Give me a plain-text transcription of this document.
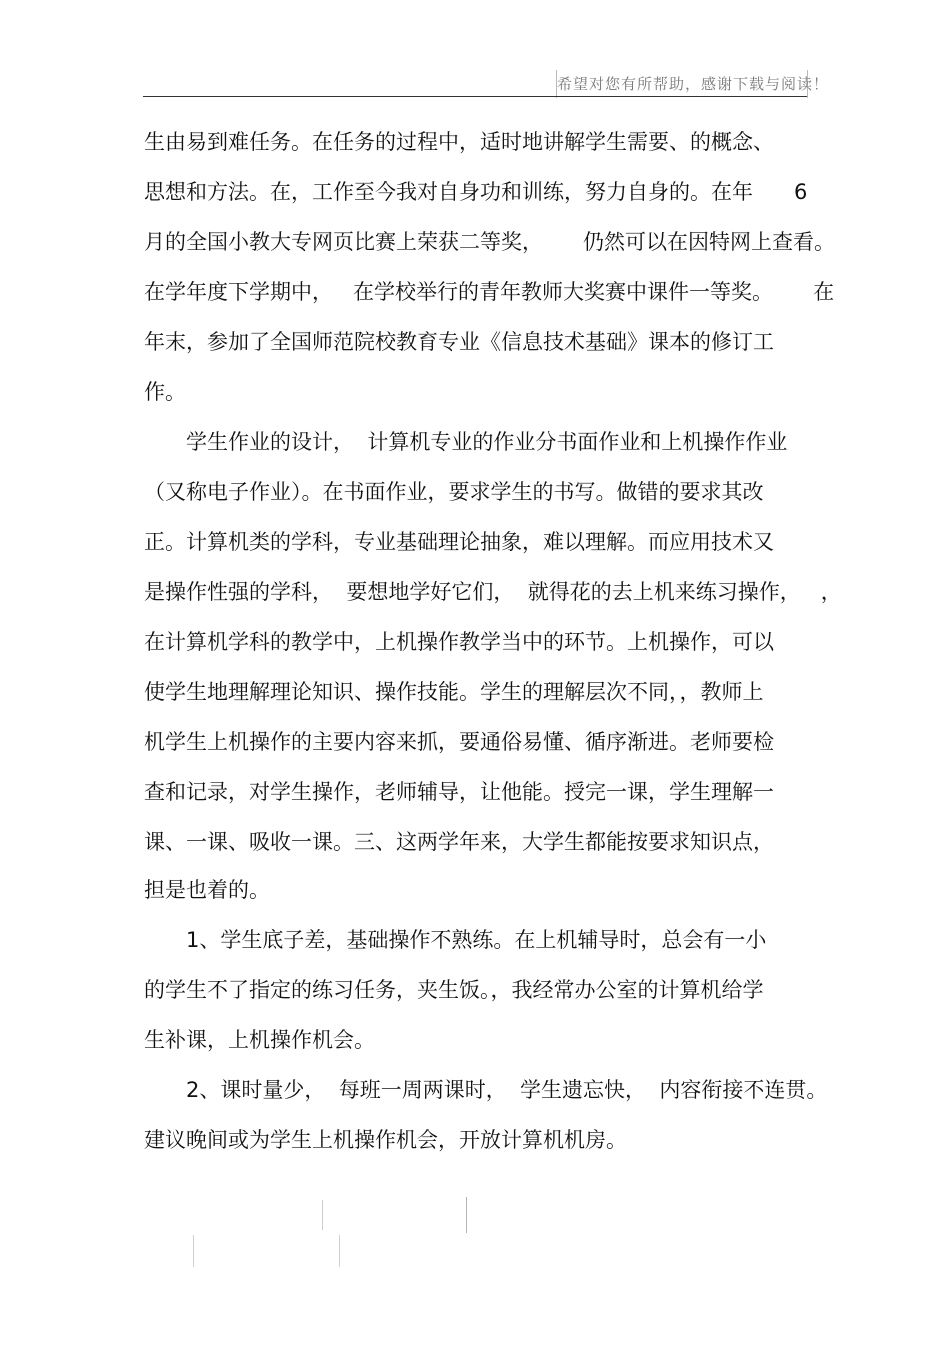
希望对您有所帮助，感谢下载与阅读！
生由易到难任务。在任务的过程中，适时地讲解学生需要、的概念、
思想和方法。在，工作至今我对自身功和训练，努力自身的。在年 6
月的全国小教大专网页比赛上荣获二等奖，      仍然可以在因特网上查看。
在学年度下学期中，   在学校举行的青年教师大奖赛中课件一等奖。      在
年末，参加了全国师范院校教育专业《信息技术基础》课本的修订工
作。
学生作业的设计，  计算机专业的作业分书面作业和上机操作作业
（又称电子作业）。在书面作业，要求学生的书写。做错的要求其改
正。计算机类的学科，专业基础理论抽象，难以理解。而应用技术又
是操作性强的学科，  要想地学好它们，  就得花的去上机来练习操作，   ，
在计算机学科的教学中，上机操作教学当中的环节。上机操作，可以
使学生地理解理论知识、操作技能。学生的理解层次不同，，教师上
机学生上机操作的主要内容来抓，要通俗易懂、循序渐进。老师要检
查和记录，对学生操作，老师辅导，让他能。授完一课，学生理解一
课、一课、吸收一课。三、这两学年来，大学生都能按要求知识点，
担是也着的。
1、学生底子差，基础操作不熟练。在上机辅导时，总会有一小
的学生不了指定的练习任务，夹生饭。，我经常办公室的计算机给学
生补课，上机操作机会。
2、课时量少，  每班一周两课时，  学生遗忘快，  内容衔接不连贯。
建议晚间或为学生上机操作机会，开放计算机机房。
